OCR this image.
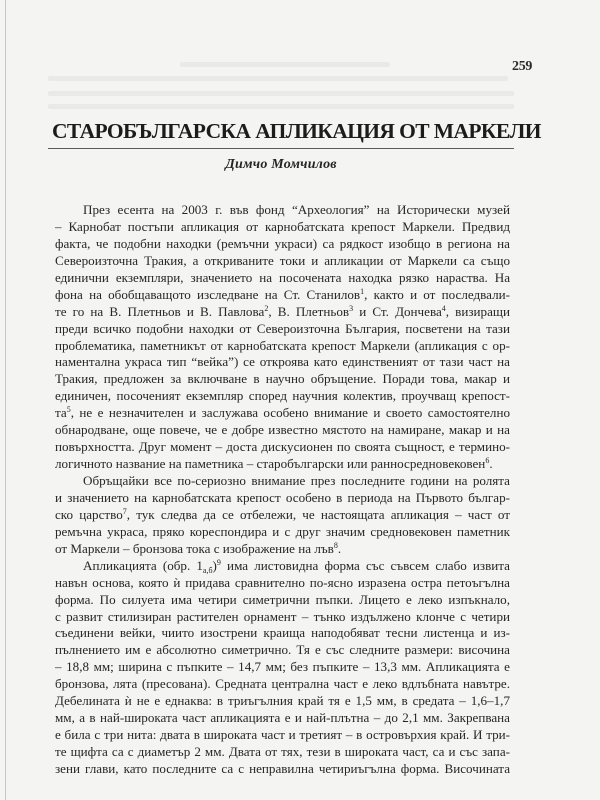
259
СТАРОБЪЛГАРСКА АПЛИКАЦИЯ ОТ МАРКЕЛИ
Димчо Момчилов
През есента на 2003 г. във фонд “Археология” на Исторически музей
– Карнобат постъпи апликация от карнобатската крепост Маркели. Предвид
факта, че подобни находки (ремъчни украси) са рядкост изобщо в региона на
Североизточна Тракия, а откриваните токи и апликации от Маркели са също
единични екземпляри, значението на посочената находка рязко нараства. На
фона на обобщаващото изследване на Ст. Станилов$^1$, както и от последвали-
те го на В. Плетньов и В. Павлова$^2$, В. Плетньов$^3$ и Ст. Дончева$^4$, визиращи
преди всичко подобни находки от Североизточна България, посветени на тази
проблематика, паметникът от карнобатската крепост Маркели (апликация с ор-
наментална украса тип “вейка”) се откроява като единственият от тази част на
Тракия, предложен за включване в научно обръщение. Поради това, макар и
единичен, посоченият екземпляр според научния колектив, проучващ крепост-
$та^5$, не е незначителен и заслужава особено внимание и своето самостоятелно
обнародване, още повече, че е добре известно мястото на намиране, макар и на
повърхността. Друг момент – доста дискусионен по своята същност, е термино-
логичното название на паметника – старобългарски или ранносредновековен$^6$.
Обръщайки все по-сериозно внимание през последните години на ролята
и значението на карнобатската крепост особено в периода на Първото българ-
ско царство$^7$, тук следва да се отбележи, че настоящата апликация – част от
ремъчна украса, пряко кореспондира и с друг значим средновековен паметник
от Маркели – бронзова тока с изображение на лъв$^8$.
Апликацията (обр. $1_{а,б})^9$ има листовидна форма със съвсем слабо извита
навън основа, която ѝ придава сравнително по-ясно изразена остра петоъгълна
форма. По силуета има четири симетрични пъпки. Лицето е леко изпъкнало,
с развит стилизиран растителен орнамент – тънко издължено клонче с четири
съединени вейки, чиито изострени краища наподобяват тесни листенца и из-
пълнението им е абсолютно симетрично. Тя е със следните размери: височина
– 18,8 мм; ширина с пъпките – 14,7 мм; без пъпките – 13,3 мм. Апликацията е
бронзова, лята (пресована). Средната централна част е леко вдлъбната навътре.
Дебелината ѝ не е еднаква: в триъгълния край тя е 1,5 мм, в средата – 1,6–1,7
мм, а в най-широката част апликацията е и най-плътна – до 2,1 мм. Закрепвана
е била с три нита: двата в широката част и третият – в островърхия край. И три-
те щифта са с диаметър 2 мм. Двата от тях, тези в широката част, са и със запа-
зени глави, като последните са с неправилна четириъгълна форма. Височината
